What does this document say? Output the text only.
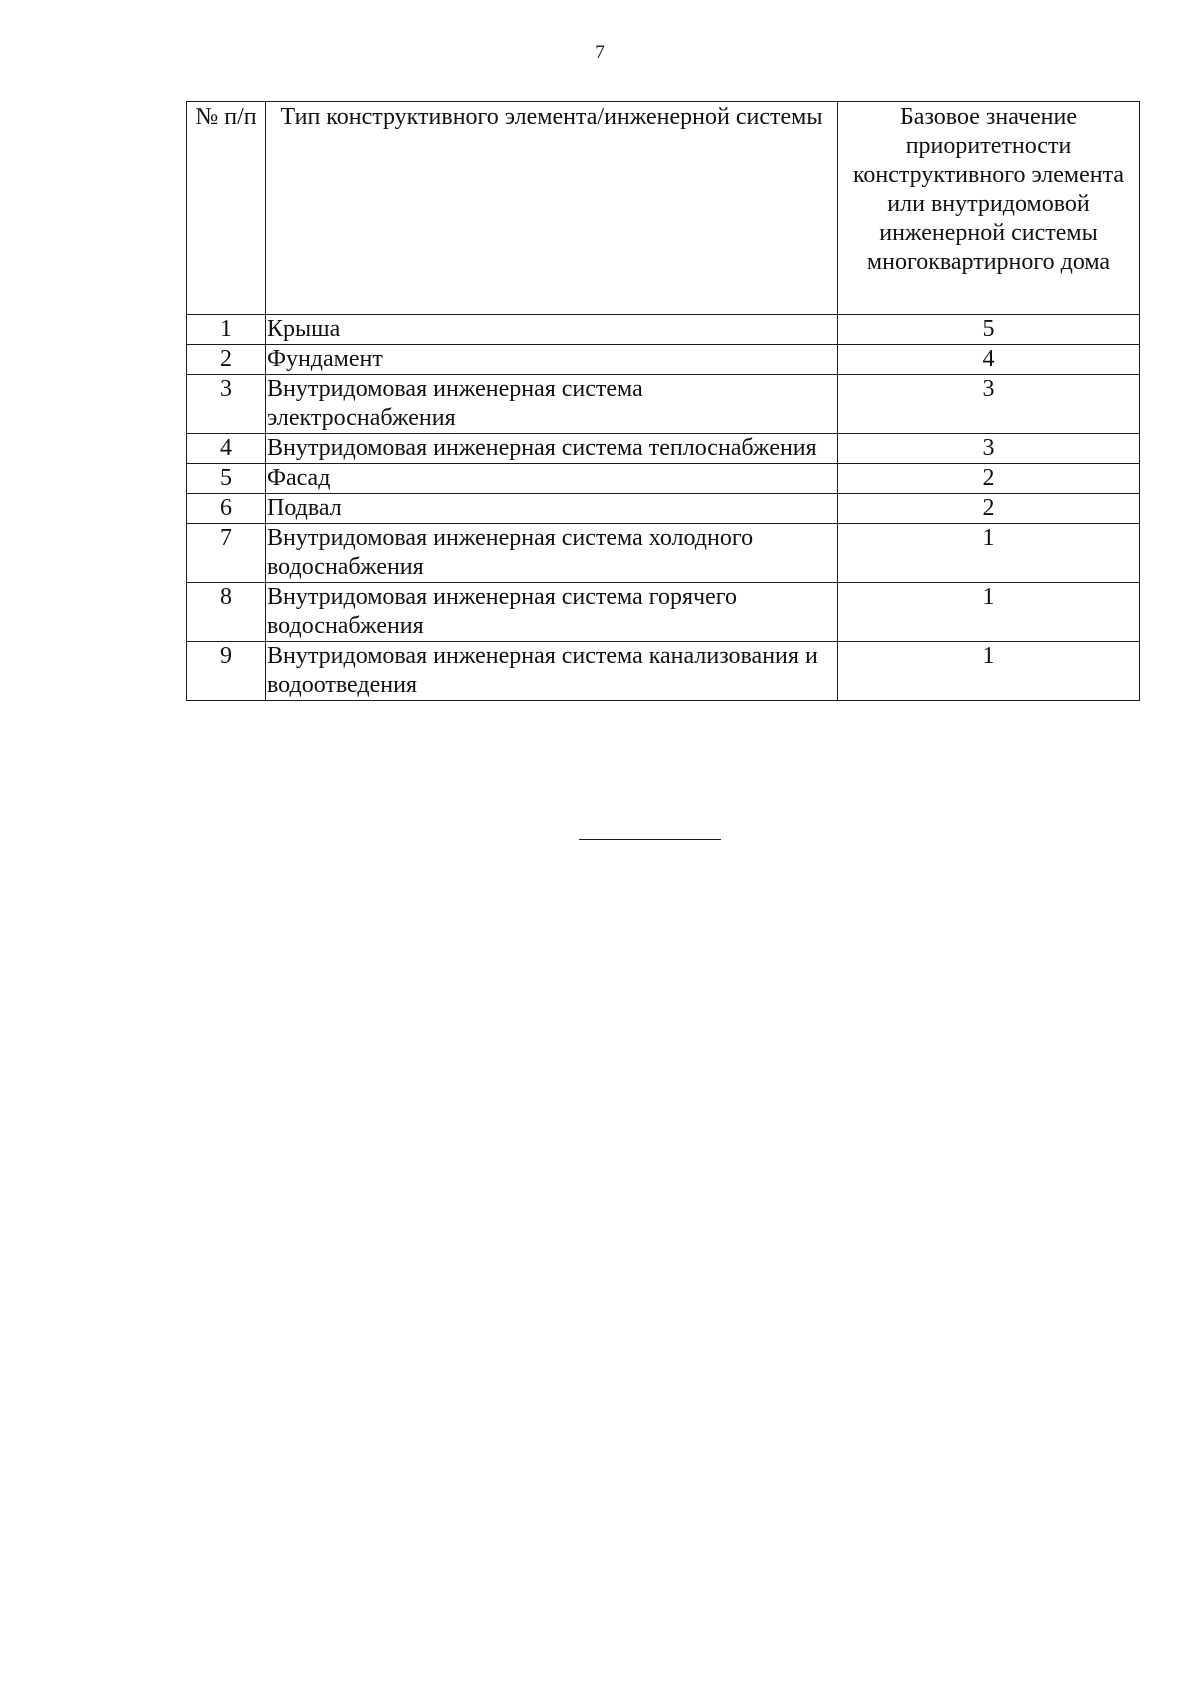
7
№ п/п	Тип конструктивного элемента/инженерной системы	Базовое значение приоритетности конструктивного элемента или внутридомовой инженерной системы многоквартирного дома
1	Крыша	5
2	Фундамент	4
3	Внутридомовая инженерная система электроснабжения	3
4	Внутридомовая инженерная система теплоснабжения	3
5	Фасад	2
6	Подвал	2
7	Внутридомовая инженерная система холодного водоснабжения	1
8	Внутридомовая инженерная система горячего водоснабжения	1
9	Внутридомовая инженерная система канализования и водоотведения	1
